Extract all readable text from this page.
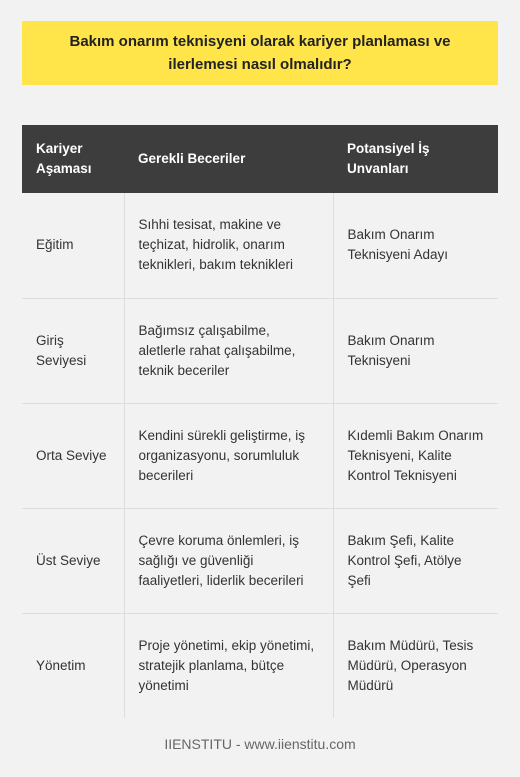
Bakım onarım teknisyeni olarak kariyer planlaması ve ilerlemesi nasıl olmalıdır?
Kariyer Aşaması	Gerekli Beceriler	Potansiyel İş Unvanları
Eğitim	Sıhhi tesisat, makine ve teçhizat, hidrolik, onarım teknikleri, bakım teknikleri	Bakım Onarım Teknisyeni Adayı
Giriş Seviyesi	Bağımsız çalışabilme, aletlerle rahat çalışabilme, teknik beceriler	Bakım Onarım Teknisyeni
Orta Seviye	Kendini sürekli geliştirme, iş organizasyonu, sorumluluk becerileri	Kıdemli Bakım Onarım Teknisyeni, Kalite Kontrol Teknisyeni
Üst Seviye	Çevre koruma önlemleri, iş sağlığı ve güvenliği faaliyetleri, liderlik becerileri	Bakım Şefi, Kalite Kontrol Şefi, Atölye Şefi
Yönetim	Proje yönetimi, ekip yönetimi, stratejik planlama, bütçe yönetimi	Bakım Müdürü, Tesis Müdürü, Operasyon Müdürü
IIENSTITU - www.iienstitu.com
